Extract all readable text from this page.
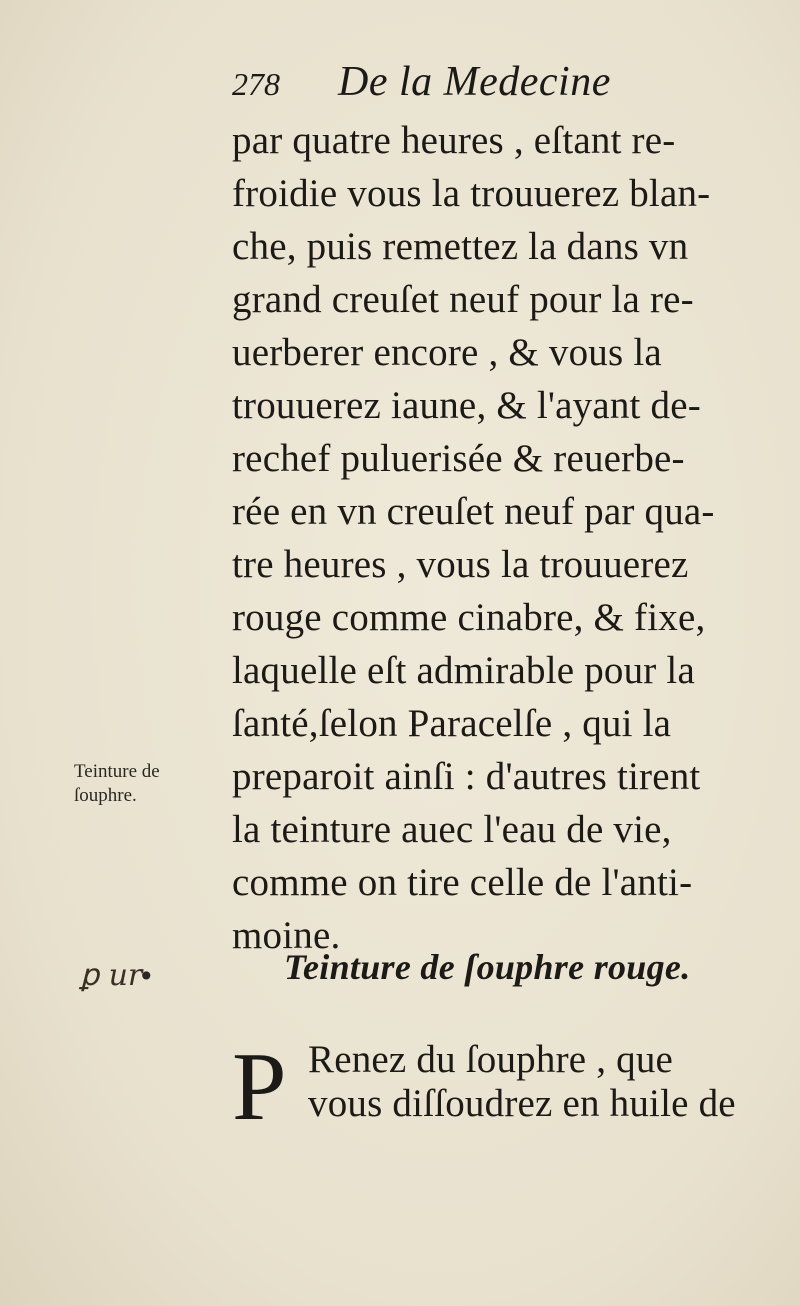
278 De la Medecine
par quatre heures , eſtant re-
froidie vous la trouuerez blan-
che, puis remettez la dans vn
grand creuſet neuf pour la re-
uerberer encore , & vous la
trouuerez iaune, & l'ayant de-
rechef puluerisée & reuerbe-
rée en vn creuſet neuf par qua-
tre heures , vous la trouuerez
rouge comme cinabre, & fixe,
laquelle eſt admirable pour la
ſanté,ſelon Paracelſe , qui la
preparoit ainſi : d'autres tirent
la teinture auec l'eau de vie,
comme on tire celle de l'anti-
moine.
Teinture de
ſouphre.
ꝑ ur
•	Teinture de ſouphre rouge.
P Renez du ſouphre , que
vous diſſoudrez en huile de
